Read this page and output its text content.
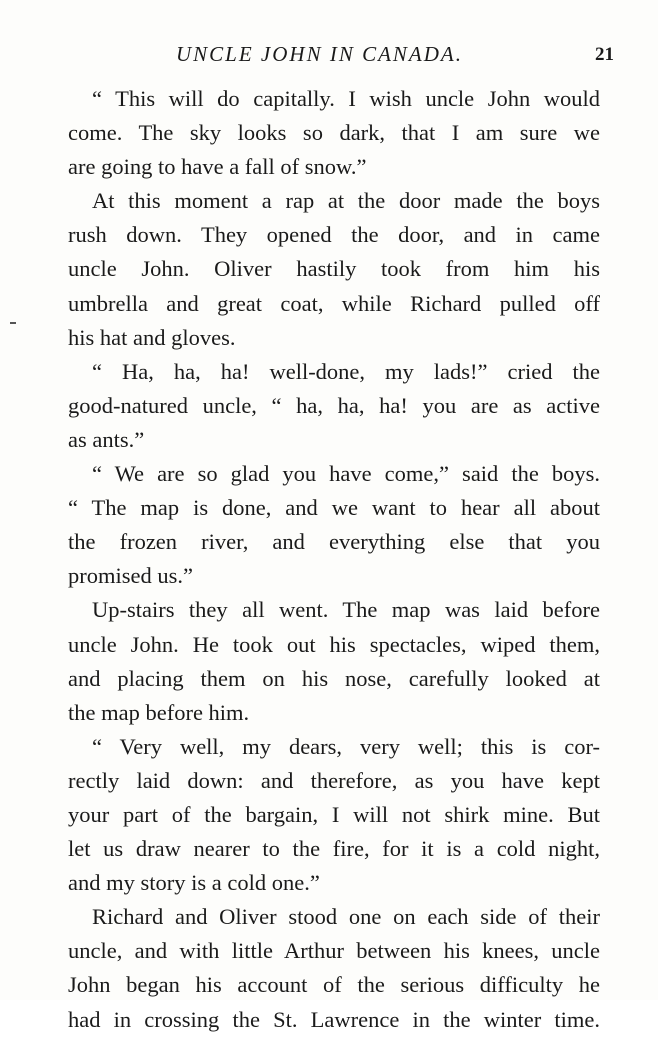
UNCLE JOHN IN CANADA.	21
“ This will do capitally. I wish uncle John would
come. The sky looks so dark, that I am sure we
are going to have a fall of snow.”
At this moment a rap at the door made the boys
rush down. They opened the door, and in came
uncle John. Oliver hastily took from him his
umbrella and great coat, while Richard pulled off
his hat and gloves.
“ Ha, ha, ha! well-done, my lads!” cried the
good-natured uncle, “ ha, ha, ha! you are as active
as ants.”
“ We are so glad you have come,” said the boys.
“ The map is done, and we want to hear all about
the frozen river, and everything else that you
promised us.”
Up-stairs they all went. The map was laid before
uncle John. He took out his spectacles, wiped them,
and placing them on his nose, carefully looked at
the map before him.
“ Very well, my dears, very well; this is cor-
rectly laid down: and therefore, as you have kept
your part of the bargain, I will not shirk mine. But
let us draw nearer to the fire, for it is a cold night,
and my story is a cold one.”
Richard and Oliver stood one on each side of their
uncle, and with little Arthur between his knees, uncle
John began his account of the serious difficulty he
had in crossing the St. Lawrence in the winter time.
